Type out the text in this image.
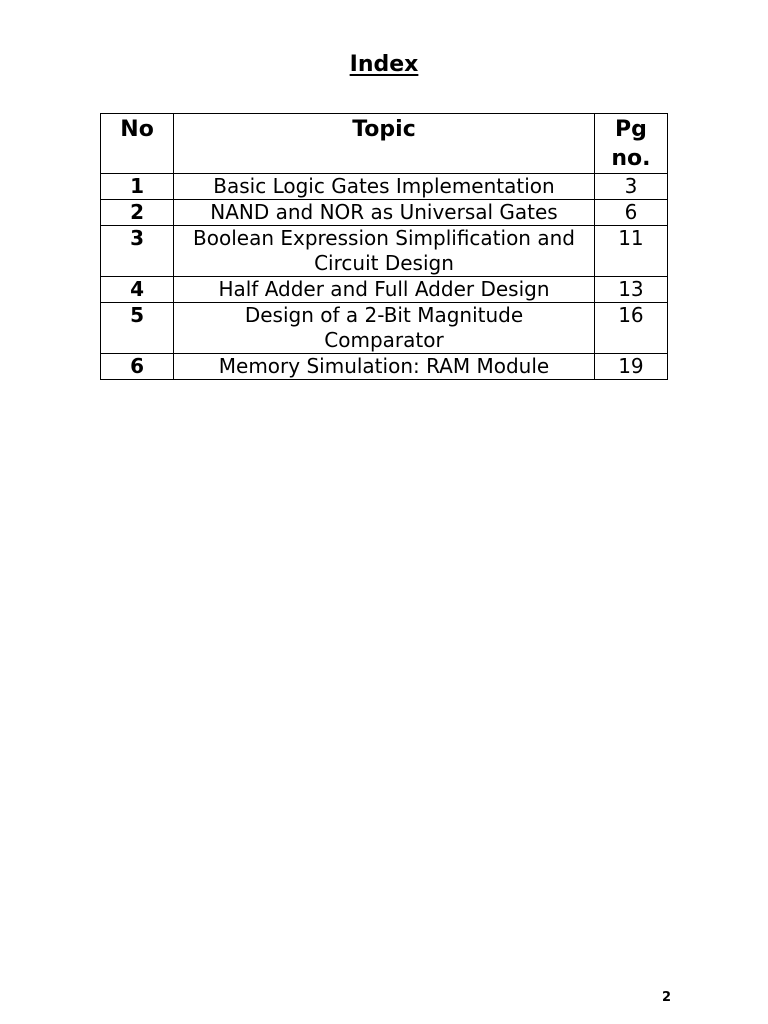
Index
No	Topic	Pg no.
1	Basic Logic Gates Implementation	3
2	NAND and NOR as Universal Gates	6
3	Boolean Expression Simplification and Circuit Design	11
4	Half Adder and Full Adder Design	13
5	Design of a 2-Bit Magnitude Comparator	16
6	Memory Simulation: RAM Module	19
2
